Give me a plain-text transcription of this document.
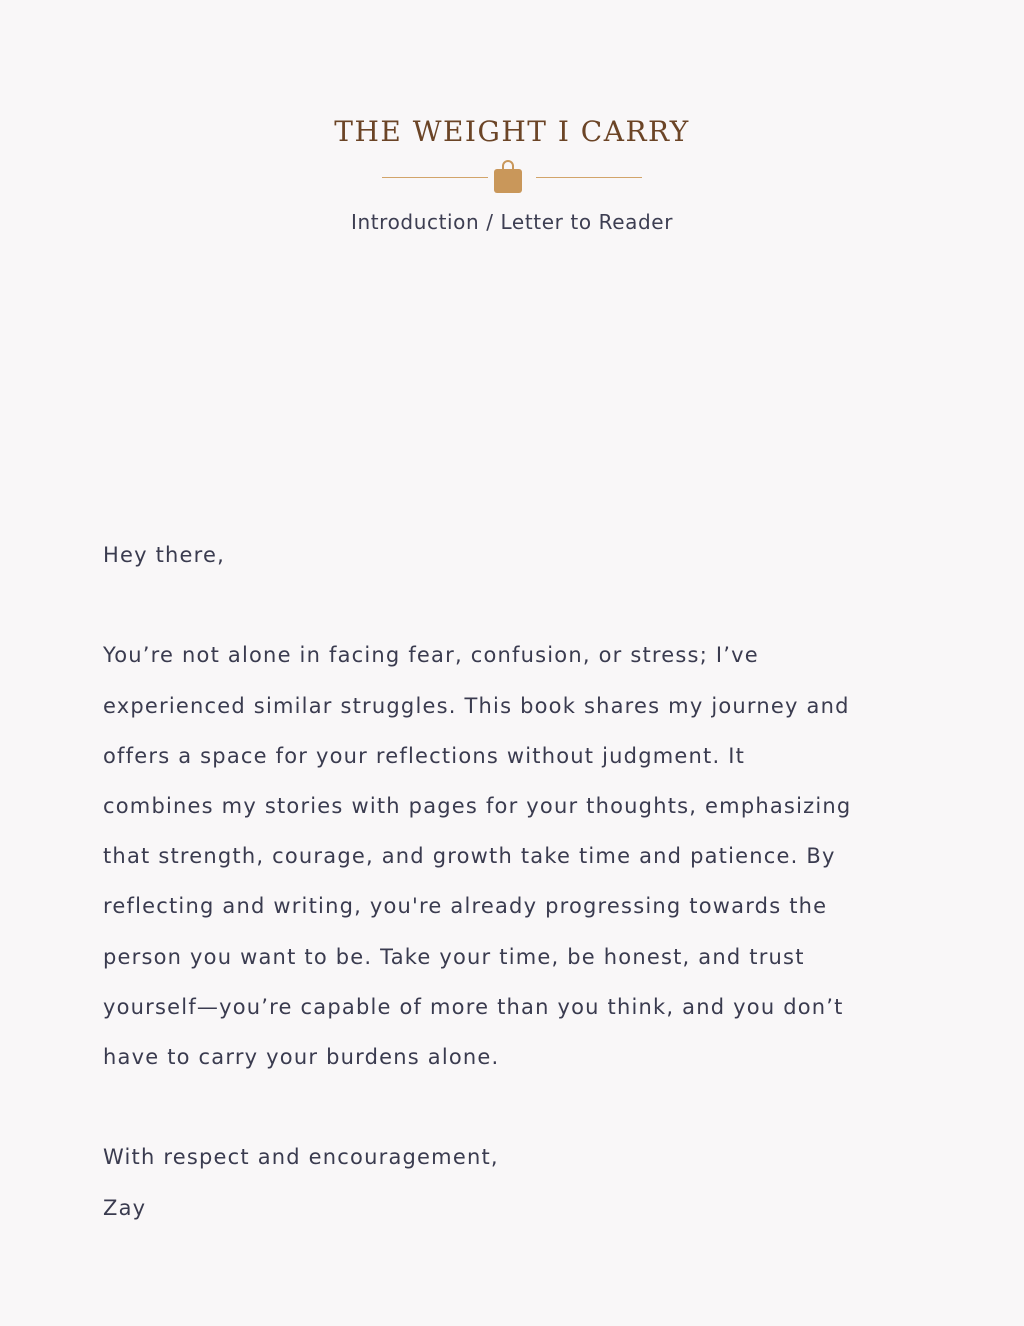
THE WEIGHT I CARRY
Introduction / Letter to Reader

Hey there,

You’re not alone in facing fear, confusion, or stress; I’ve
experienced similar struggles. This book shares my journey and
offers a space for your reflections without judgment. It
combines my stories with pages for your thoughts, emphasizing
that strength, courage, and growth take time and patience. By
reflecting and writing, you're already progressing towards the
person you want to be. Take your time, be honest, and trust
yourself—you’re capable of more than you think, and you don’t
have to carry your burdens alone.

With respect and encouragement,

Zay
